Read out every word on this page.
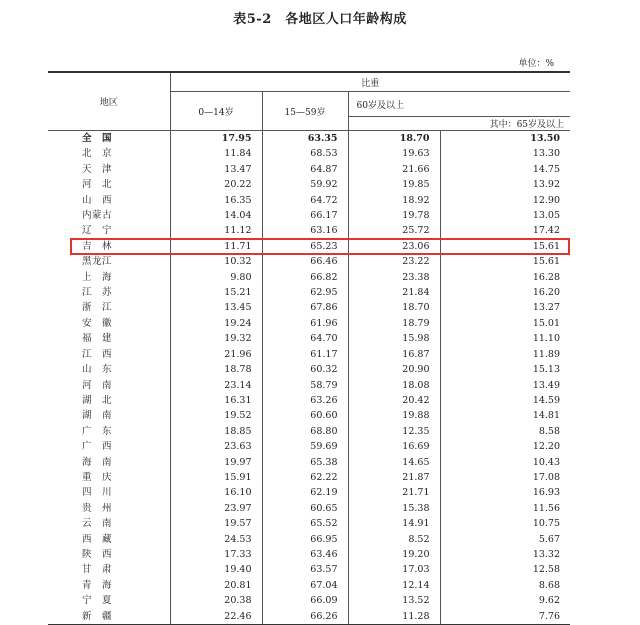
表5-2　各地区人口年龄构成
单位：%
地区	比重			
	0—14岁	15—59岁	60岁及以上	
				其中：65岁及以上
全　国	17.95	63.35	18.70	13.50
北　京	11.84	68.53	19.63	13.30
天　津	13.47	64.87	21.66	14.75
河　北	20.22	59.92	19.85	13.92
山　西	16.35	64.72	18.92	12.90
内蒙古	14.04	66.17	19.78	13.05
辽　宁	11.12	63.16	25.72	17.42
吉　林	11.71	65.23	23.06	15.61
黑龙江	10.32	66.46	23.22	15.61
上　海	9.80	66.82	23.38	16.28
江　苏	15.21	62.95	21.84	16.20
浙　江	13.45	67.86	18.70	13.27
安　徽	19.24	61.96	18.79	15.01
福　建	19.32	64.70	15.98	11.10
江　西	21.96	61.17	16.87	11.89
山　东	18.78	60.32	20.90	15.13
河　南	23.14	58.79	18.08	13.49
湖　北	16.31	63.26	20.42	14.59
湖　南	19.52	60.60	19.88	14.81
广　东	18.85	68.80	12.35	8.58
广　西	23.63	59.69	16.69	12.20
海　南	19.97	65.38	14.65	10.43
重　庆	15.91	62.22	21.87	17.08
四　川	16.10	62.19	21.71	16.93
贵　州	23.97	60.65	15.38	11.56
云　南	19.57	65.52	14.91	10.75
西　藏	24.53	66.95	8.52	5.67
陕　西	17.33	63.46	19.20	13.32
甘　肃	19.40	63.57	17.03	12.58
青　海	20.81	67.04	12.14	8.68
宁　夏	20.38	66.09	13.52	9.62
新　疆	22.46	66.26	11.28	7.76
